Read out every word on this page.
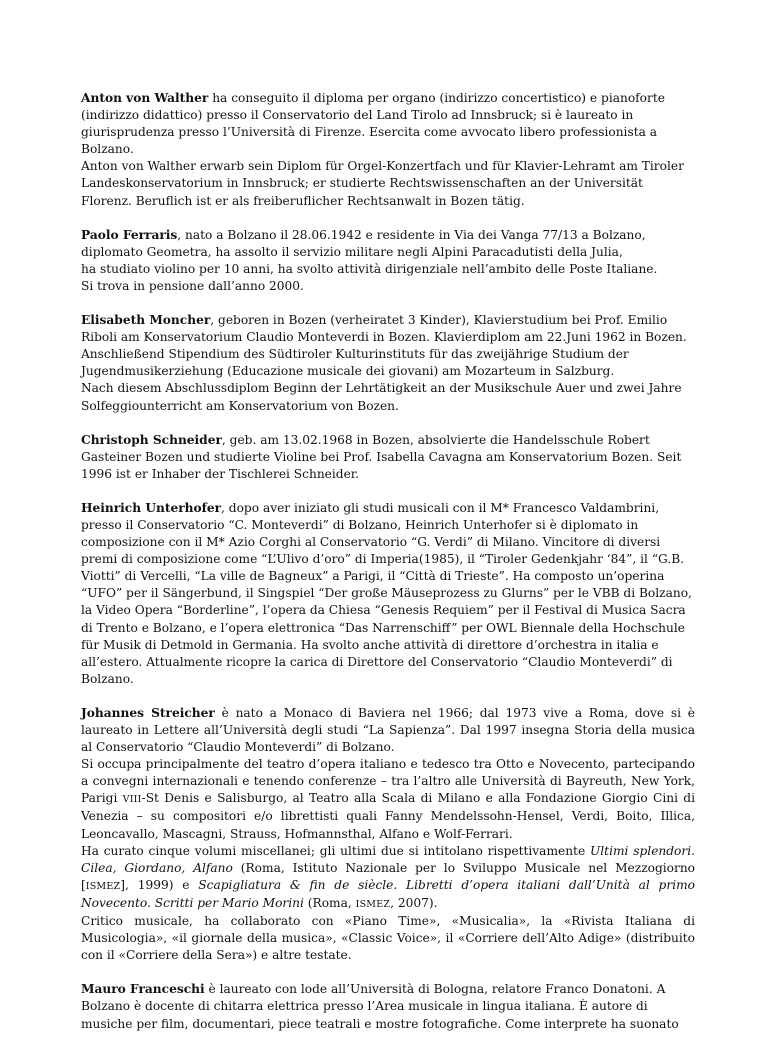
Anton von Walther ha conseguito il diploma per organo (indirizzo concertistico) e pianoforte (indirizzo didattico) presso il Conservatorio del Land Tirolo ad Innsbruck; si è laureato in giurisprudenza presso l’Università di Firenze. Esercita come avvocato libero professionista a Bolzano.

Anton von Walther erwarb sein Diplom für Orgel-Konzertfach und für Klavier-Lehramt am Tiroler Landeskonservatorium in Innsbruck; er studierte Rechtswissenschaften an der Universität Florenz. Beruflich ist er als freiberuflicher Rechtsanwalt in Bozen tätig.

Paolo Ferraris, nato a Bolzano il 28.06.1942 e residente in Via dei Vanga 77/13 a Bolzano, diplomato Geometra, ha assolto il servizio militare negli Alpini Paracadutisti della Julia,

ha studiato violino per 10 anni, ha svolto attività dirigenziale nell’ambito delle Poste Italiane.

Si trova in pensione dall’anno 2000.

Elisabeth Moncher, geboren in Bozen (verheiratet 3 Kinder), Klavierstudium bei Prof. Emilio Riboli am Konservatorium Claudio Monteverdi in Bozen. Klavierdiplom am 22.Juni 1962 in Bozen. Anschließend Stipendium des Südtiroler Kulturinstituts für das zweijährige Studium der Jugendmusikerziehung (Educazione musicale dei giovani) am Mozarteum in Salzburg.

Nach diesem Abschlussdiplom Beginn der Lehrtätigkeit an der Musikschule Auer und zwei Jahre Solfeggiounterricht am Konservatorium von Bozen.

Christoph Schneider, geb. am 13.02.1968 in Bozen, absolvierte die Handelsschule Robert Gasteiner Bozen und studierte Violine bei Prof. Isabella Cavagna am Konservatorium Bozen. Seit 1996 ist er Inhaber der Tischlerei Schneider.

Heinrich Unterhofer, dopo aver iniziato gli studi musicali con il M* Francesco Valdambrini, presso il Conservatorio “C. Monteverdi” di Bolzano, Heinrich Unterhofer si è diplomato in composizione con il M* Azio Corghi al Conservatorio “G. Verdi” di Milano. Vincitore di diversi premi di composizione come “L’Ulivo d’oro” di Imperia(1985), il “Tiroler Gedenkjahr ‘84”, il “G.B. Viotti” di Vercelli, “La ville de Bagneux” a Parigi, il “Città di Trieste”. Ha composto un’operina “UFO” per il Sängerbund, il Singspiel “Der große Mäuseprozess zu Glurns” per le VBB di Bolzano, la Video Opera “Borderline”, l’opera da Chiesa “Genesis Requiem” per il Festival di Musica Sacra di Trento e Bolzano, e l’opera elettronica “Das Narrenschiff” per OWL Biennale della Hochschule für Musik di Detmold in Germania. Ha svolto anche attività di direttore d’orchestra in italia e all’estero. Attualmente ricopre la carica di Direttore del Conservatorio “Claudio Monteverdi” di Bolzano.

Johannes Streicher è nato a Monaco di Baviera nel 1966; dal 1973 vive a Roma, dove si è laureato in Lettere all’Università degli studi “La Sapienza”. Dal 1997 insegna Storia della musica al Conservatorio “Claudio Monteverdi” di Bolzano.

Si occupa principalmente del teatro d’opera italiano e tedesco tra Otto e Novecento, partecipando a convegni internazionali e tenendo conferenze – tra l’altro alle Università di Bayreuth, New York, Parigi VIII-St Denis e Salisburgo, al Teatro alla Scala di Milano e alla Fondazione Giorgio Cini di Venezia – su compositori e/o librettisti quali Fanny Mendelssohn-Hensel, Verdi, Boito, Illica, Leoncavallo, Mascagni, Strauss, Hofmannsthal, Alfano e Wolf-Ferrari.

Ha curato cinque volumi miscellanei; gli ultimi due si intitolano rispettivamente Ultimi splendori. Cilea, Giordano, Alfano (Roma, Istituto Nazionale per lo Sviluppo Musicale nel Mezzogiorno [ISMEZ], 1999) e Scapigliatura & fin de siècle. Libretti d’opera italiani dall’Unità al primo Novecento. Scritti per Mario Morini (Roma, ISMEZ, 2007).

Critico musicale, ha collaborato con «Piano Time», «Musicalia», la «Rivista Italiana di Musicologia», «il giornale della musica», «Classic Voice», il «Corriere dell’Alto Adige» (distribuito con il «Corriere della Sera») e altre testate.

Mauro Franceschi è laureato con lode all’Università di Bologna, relatore Franco Donatoni. A Bolzano è docente di chitarra elettrica presso l’Area musicale in lingua italiana. È autore di musiche per film, documentari, piece teatrali e mostre fotografiche. Come interprete ha suonato
